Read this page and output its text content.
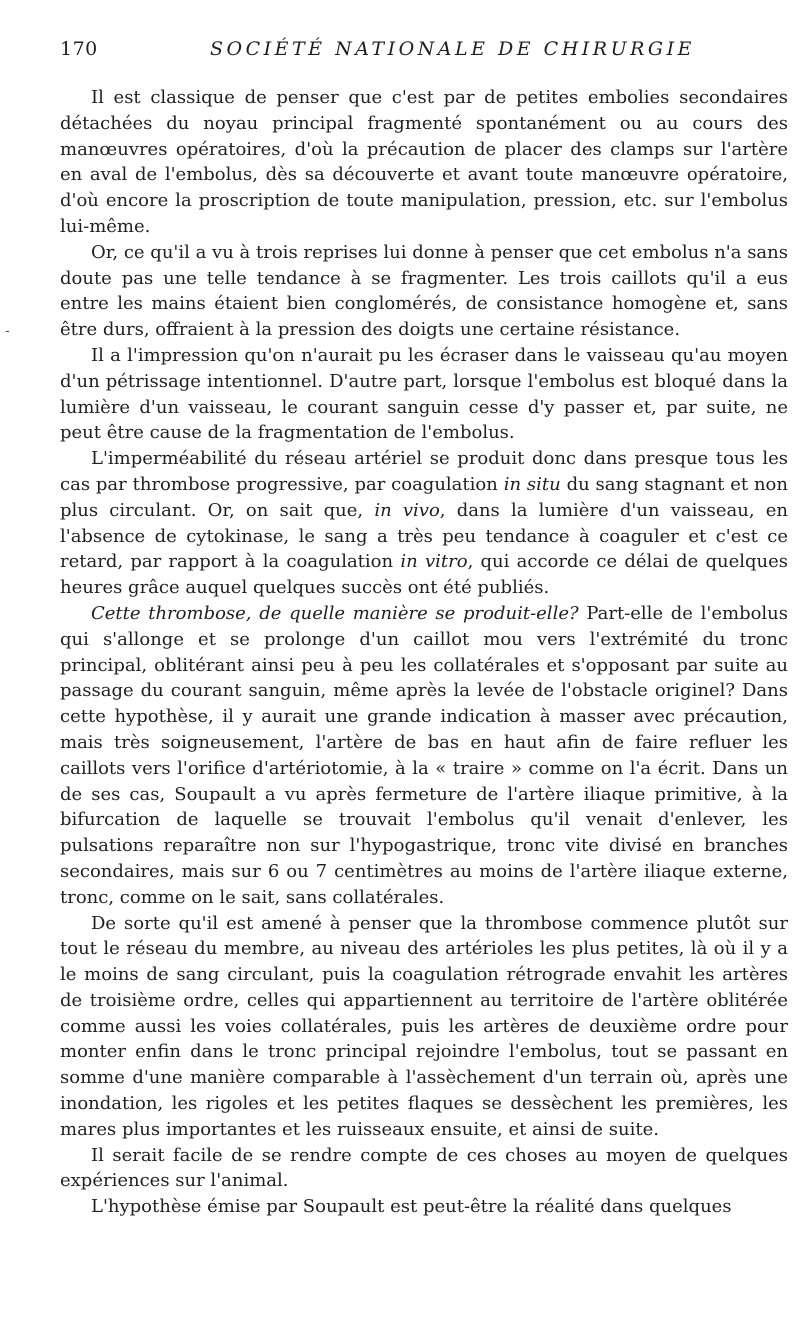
170	SOCIÉTÉ NATIONALE DE CHIRURGIE
-

Il est classique de penser que c'est par de petites embolies secondaires détachées du noyau principal fragmenté spontanément ou au cours des manœuvres opératoires, d'où la précaution de placer des clamps sur l'artère en aval de l'embolus, dès sa découverte et avant toute manœuvre opératoire, d'où encore la proscription de toute manipulation, pression, etc. sur l'embolus lui-même.

Or, ce qu'il a vu à trois reprises lui donne à penser que cet embolus n'a sans doute pas une telle tendance à se fragmenter. Les trois caillots qu'il a eus entre les mains étaient bien conglomérés, de consistance homogène et, sans être durs, offraient à la pression des doigts une certaine résistance.

Il a l'impression qu'on n'aurait pu les écraser dans le vaisseau qu'au moyen d'un pétrissage intentionnel. D'autre part, lorsque l'embolus est bloqué dans la lumière d'un vaisseau, le courant sanguin cesse d'y passer et, par suite, ne peut être cause de la fragmentation de l'embolus.

L'imperméabilité du réseau artériel se produit donc dans presque tous les cas par thrombose progressive, par coagulation in situ du sang stagnant et non plus circulant. Or, on sait que, in vivo, dans la lumière d'un vaisseau, en l'absence de cytokinase, le sang a très peu tendance à coaguler et c'est ce retard, par rapport à la coagulation in vitro, qui accorde ce délai de quelques heures grâce auquel quelques succès ont été publiés.

Cette thrombose, de quelle manière se produit-elle? Part-elle de l'embolus qui s'allonge et se prolonge d'un caillot mou vers l'extrémité du tronc principal, oblitérant ainsi peu à peu les collatérales et s'opposant par suite au passage du courant sanguin, même après la levée de l'obstacle originel? Dans cette hypothèse, il y aurait une grande indication à masser avec précaution, mais très soigneusement, l'artère de bas en haut afin de faire refluer les caillots vers l'orifice d'artériotomie, à la « traire » comme on l'a écrit. Dans un de ses cas, Soupault a vu après fermeture de l'artère iliaque primitive, à la bifurcation de laquelle se trouvait l'embolus qu'il venait d'enlever, les pulsations reparaître non sur l'hypogastrique, tronc vite divisé en branches secondaires, mais sur 6 ou 7 centimètres au moins de l'artère iliaque externe, tronc, comme on le sait, sans collatérales.

De sorte qu'il est amené à penser que la thrombose commence plutôt sur tout le réseau du membre, au niveau des artérioles les plus petites, là où il y a le moins de sang circulant, puis la coagulation rétrograde envahit les artères de troisième ordre, celles qui appartiennent au territoire de l'artère oblitérée comme aussi les voies collatérales, puis les artères de deuxième ordre pour monter enfin dans le tronc principal rejoindre l'embolus, tout se passant en somme d'une manière comparable à l'assèchement d'un terrain où, après une inondation, les rigoles et les petites flaques se dessèchent les premières, les mares plus importantes et les ruisseaux ensuite, et ainsi de suite.

Il serait facile de se rendre compte de ces choses au moyen de quelques expériences sur l'animal.

L'hypothèse émise par Soupault est peut-être la réalité dans quelques
